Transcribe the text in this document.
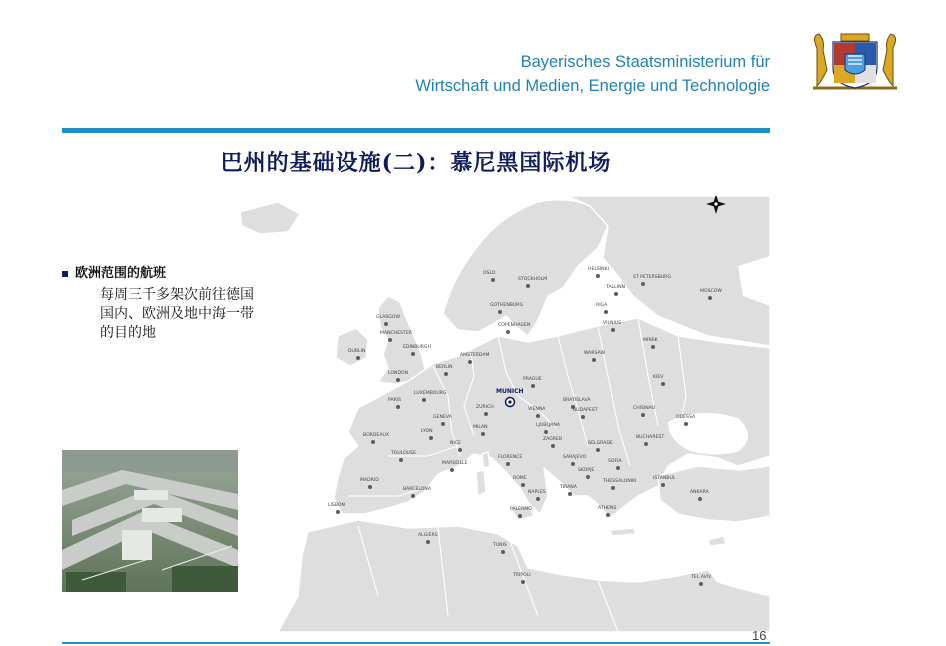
Bayerisches Staatsministerium für
Wirtschaft und Medien, Energie und Technologie
巴州的基础设施(二)：慕尼黑国际机场
OSLO
STOCKHOLM
HELSINKI
ST PETERSBURG
TALLINN
MOSCOW
RIGA
VILNIUS
MINSK
GOTHENBURG
COPENHAGEN
GLASGOW
MANCHESTER
DUBLIN
EDINBURGH
LONDON
AMSTERDAM
BERLIN
WARSAW
KIEV
PRAGUE
LUXEMBOURG
PARIS	BRATISLAVA
BUDAPEST
VIENNA
ZURICH
GENEVA
CHISINAU
ODESSA
BORDEAUX
LYON
MILAN	LJUBLJANA
BUCHAREST
NICE
ZAGREB
BELGRADE
TOULOUSE
MARSEILLE
FLORENCE	SARAJEVO
SOFIA
SKOPJE
ROME	ISTANBUL
THESSALONIKI
TIRANA
MADRID
BARCELONA
NAPLES	ANKARA
ATHENS
LISBON
PALERMO
ALGIERS
TUNIS
TRIPOLI	TEL AVIV
MUNICH
欧洲范围的航班
每周三千多架次前往德国
国内、欧洲及地中海一带
的目的地
16
